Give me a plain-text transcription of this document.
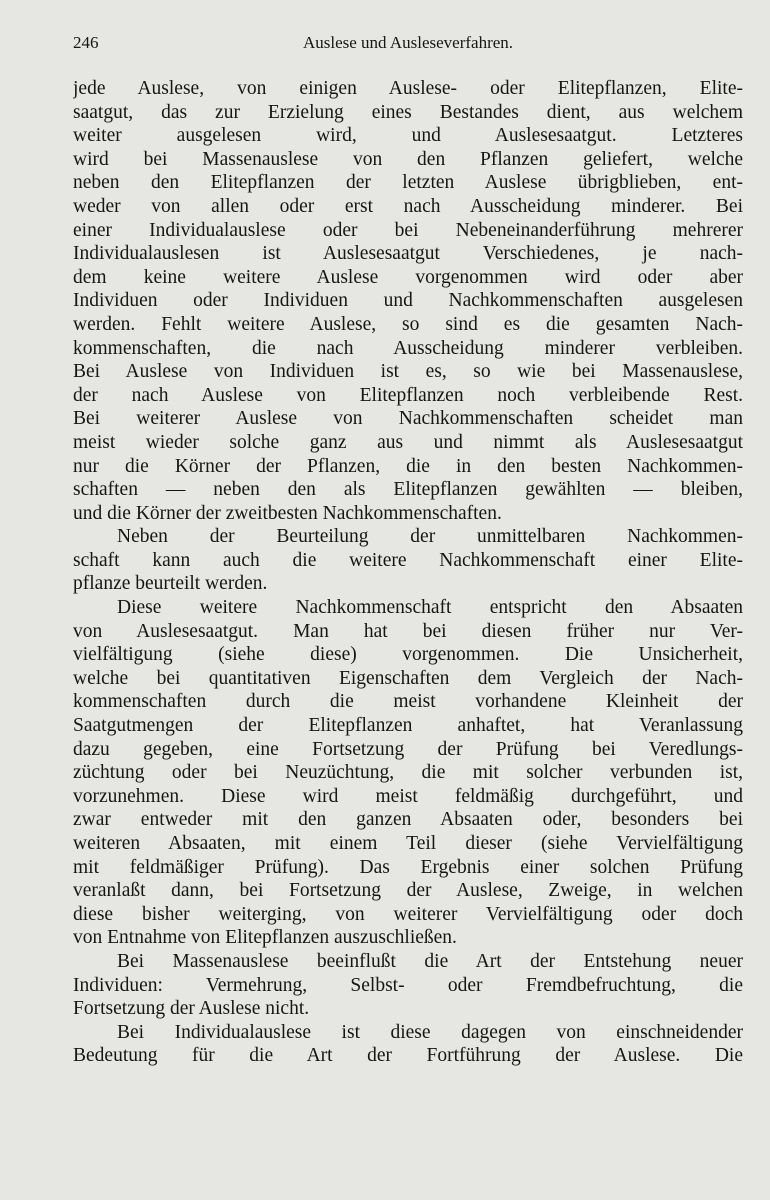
246	Auslese und Ausleseverfahren.
jede Auslese, von einigen Auslese- oder Elitepflanzen, Elite-
saatgut, das zur Erzielung eines Bestandes dient, aus welchem
weiter ausgelesen wird, und Auslesesaatgut. Letzteres
wird bei Massenauslese von den Pflanzen geliefert, welche
neben den Elitepflanzen der letzten Auslese übrigblieben, ent-
weder von allen oder erst nach Ausscheidung minderer. Bei
einer Individualauslese oder bei Nebeneinanderführung mehrerer
Individualauslesen ist Auslesesaatgut Verschiedenes, je nach-
dem keine weitere Auslese vorgenommen wird oder aber
Individuen oder Individuen und Nachkommenschaften ausgelesen
werden. Fehlt weitere Auslese, so sind es die gesamten Nach-
kommenschaften, die nach Ausscheidung minderer verbleiben.
Bei Auslese von Individuen ist es, so wie bei Massenauslese,
der nach Auslese von Elitepflanzen noch verbleibende Rest.
Bei weiterer Auslese von Nachkommenschaften scheidet man
meist wieder solche ganz aus und nimmt als Auslesesaatgut
nur die Körner der Pflanzen, die in den besten Nachkommen-
schaften — neben den als Elitepflanzen gewählten — bleiben,
und die Körner der zweitbesten Nachkommenschaften.
Neben der Beurteilung der unmittelbaren Nachkommen-
schaft kann auch die weitere Nachkommenschaft einer Elite-
pflanze beurteilt werden.
Diese weitere Nachkommenschaft entspricht den Absaaten
von Auslesesaatgut. Man hat bei diesen früher nur Ver-
vielfältigung (siehe diese) vorgenommen. Die Unsicherheit,
welche bei quantitativen Eigenschaften dem Vergleich der Nach-
kommenschaften durch die meist vorhandene Kleinheit der
Saatgutmengen der Elitepflanzen anhaftet, hat Veranlassung
dazu gegeben, eine Fortsetzung der Prüfung bei Veredlungs-
züchtung oder bei Neuzüchtung, die mit solcher verbunden ist,
vorzunehmen. Diese wird meist feldmäßig durchgeführt, und
zwar entweder mit den ganzen Absaaten oder, besonders bei
weiteren Absaaten, mit einem Teil dieser (siehe Vervielfältigung
mit feldmäßiger Prüfung). Das Ergebnis einer solchen Prüfung
veranlaßt dann, bei Fortsetzung der Auslese, Zweige, in welchen
diese bisher weiterging, von weiterer Vervielfältigung oder doch
von Entnahme von Elitepflanzen auszuschließen.
Bei Massenauslese beeinflußt die Art der Entstehung neuer
Individuen: Vermehrung, Selbst- oder Fremdbefruchtung, die
Fortsetzung der Auslese nicht.
Bei Individualauslese ist diese dagegen von einschneidender
Bedeutung für die Art der Fortführung der Auslese. Die
